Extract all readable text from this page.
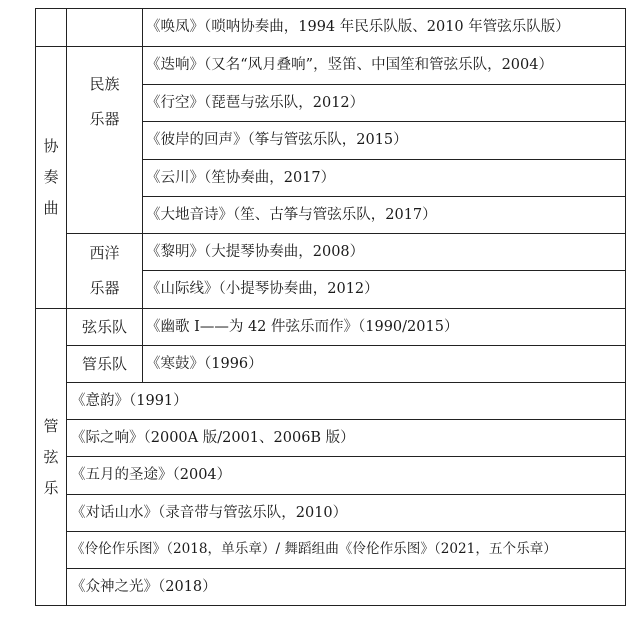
《唤凤》（唢呐协奏曲，1994 年民乐队版、2010 年管弦乐队版）
协
奏
曲
民族
乐器
《迭响》（又名“风月叠响”，竖笛、中国笙和管弦乐队，2004）
《行空》（琵琶与弦乐队，2012）
《彼岸的回声》（筝与管弦乐队，2015）
《云川》（笙协奏曲，2017）
《大地音诗》（笙、古筝与管弦乐队，2017）
西洋
乐器
《黎明》（大提琴协奏曲，2008）
《山际线》（小提琴协奏曲，2012）
管
弦
乐
弦乐队 《幽歌 I——为 42 件弦乐而作》（1990/2015）
管乐队 《寒鼓》（1996）
《意韵》（1991）
《际之响》（2000A 版/2001、2006B 版）
《五月的圣途》（2004）
《对话山水》（录音带与管弦乐队，2010）
《伶伦作乐图》（2018，单乐章）/ 舞蹈组曲《伶伦作乐图》（2021，五个乐章）
《众神之光》（2018）
